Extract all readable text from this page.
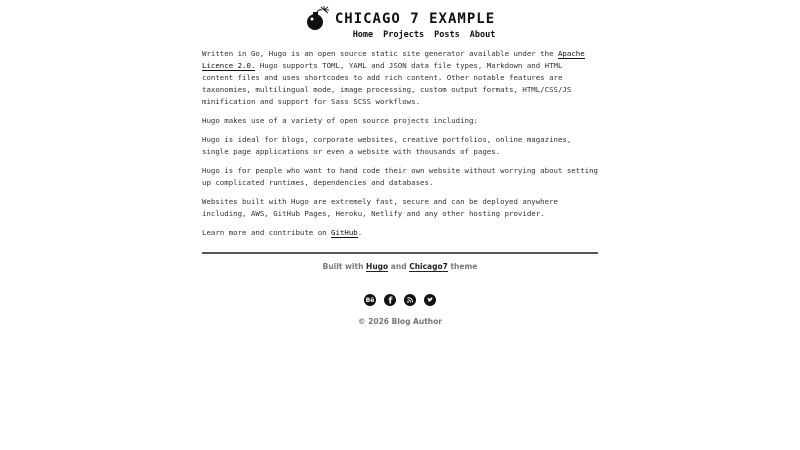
CHICAGO 7 EXAMPLE
Home Projects Posts About

Written in Go, Hugo is an open source static site generator available under the Apache Licence 2.0. Hugo supports TOML, YAML and JSON data file types, Markdown and HTML content files and uses shortcodes to add rich content. Other notable features are taxonomies, multilingual mode, image processing, custom output formats, HTML/CSS/JS minification and support for Sass SCSS workflows.

Hugo makes use of a variety of open source projects including:

Hugo is ideal for blogs, corporate websites, creative portfolios, online magazines, single page applications or even a website with thousands of pages.

Hugo is for people who want to hand code their own website without worrying about setting up complicated runtimes, dependencies and databases.

Websites built with Hugo are extremely fast, secure and can be deployed anywhere including, AWS, GitHub Pages, Heroku, Netlify and any other hosting provider.

Learn more and contribute on GitHub.

Built with Hugo and Chicago7 theme
Bē f
© 2026 Blog Author
